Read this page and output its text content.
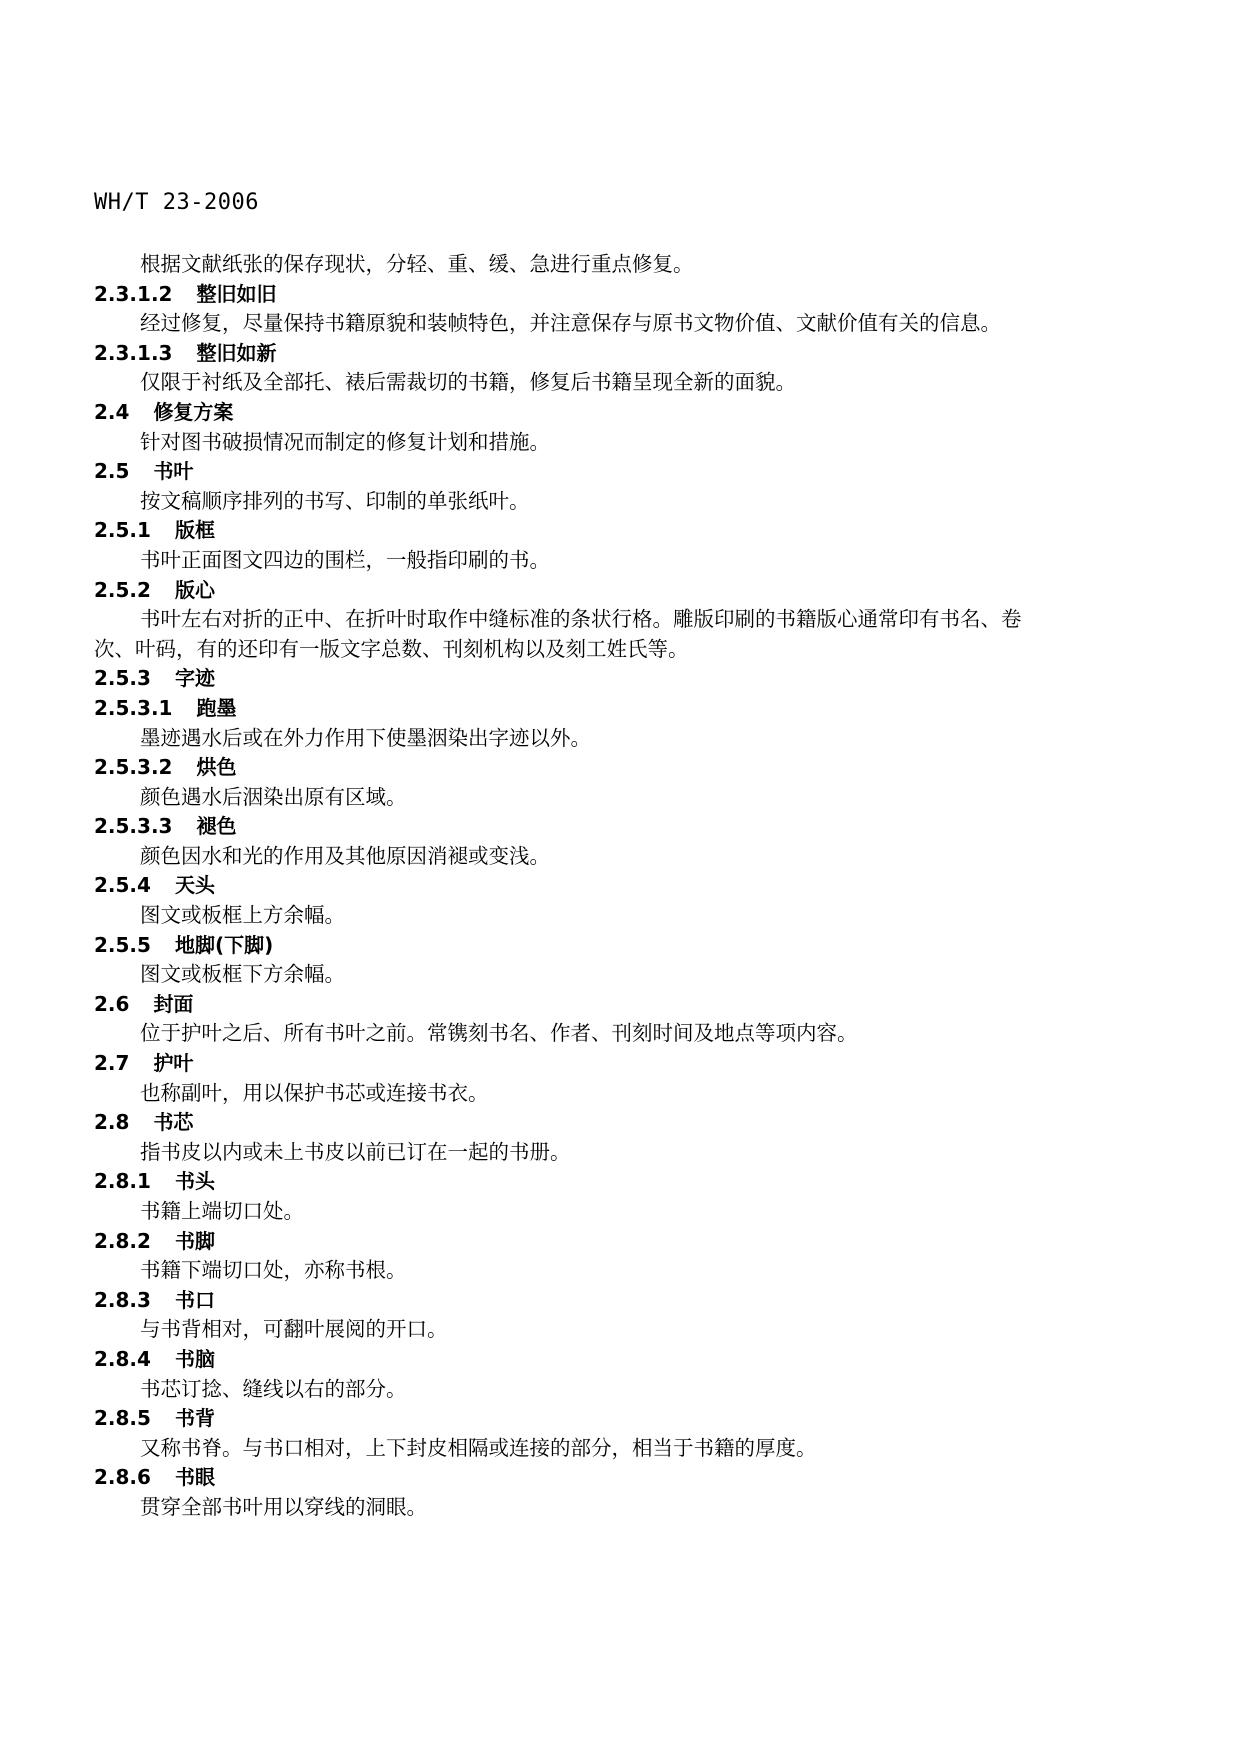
WH/T 23-2006
根据文献纸张的保存现状，分轻、重、缓、急进行重点修复。
2.3.1.2 整旧如旧
经过修复，尽量保持书籍原貌和装帧特色，并注意保存与原书文物价值、文献价值有关的信息。
2.3.1.3 整旧如新
仅限于衬纸及全部托、裱后需裁切的书籍，修复后书籍呈现全新的面貌。
2.4 修复方案
针对图书破损情况而制定的修复计划和措施。
2.5 书叶
按文稿顺序排列的书写、印制的单张纸叶。
2.5.1 版框
书叶正面图文四边的围栏，一般指印刷的书。
2.5.2 版心
书叶左右对折的正中、在折叶时取作中缝标准的条状行格。雕版印刷的书籍版心通常印有书名、卷
次、叶码，有的还印有一版文字总数、刊刻机构以及刻工姓氏等。
2.5.3 字迹
2.5.3.1 跑墨
墨迹遇水后或在外力作用下使墨洇染出字迹以外。
2.5.3.2 烘色
颜色遇水后洇染出原有区域。
2.5.3.3 褪色
颜色因水和光的作用及其他原因消褪或变浅。
2.5.4 天头
图文或板框上方余幅。
2.5.5 地脚(下脚)
图文或板框下方余幅。
2.6 封面
位于护叶之后、所有书叶之前。常镌刻书名、作者、刊刻时间及地点等项内容。
2.7 护叶
也称副叶，用以保护书芯或连接书衣。
2.8 书芯
指书皮以内或未上书皮以前已订在一起的书册。
2.8.1 书头
书籍上端切口处。
2.8.2 书脚
书籍下端切口处，亦称书根。
2.8.3 书口
与书背相对，可翻叶展阅的开口。
2.8.4 书脑
书芯订捻、缝线以右的部分。
2.8.5 书背
又称书脊。与书口相对，上下封皮相隔或连接的部分，相当于书籍的厚度。
2.8.6 书眼
贯穿全部书叶用以穿线的洞眼。
